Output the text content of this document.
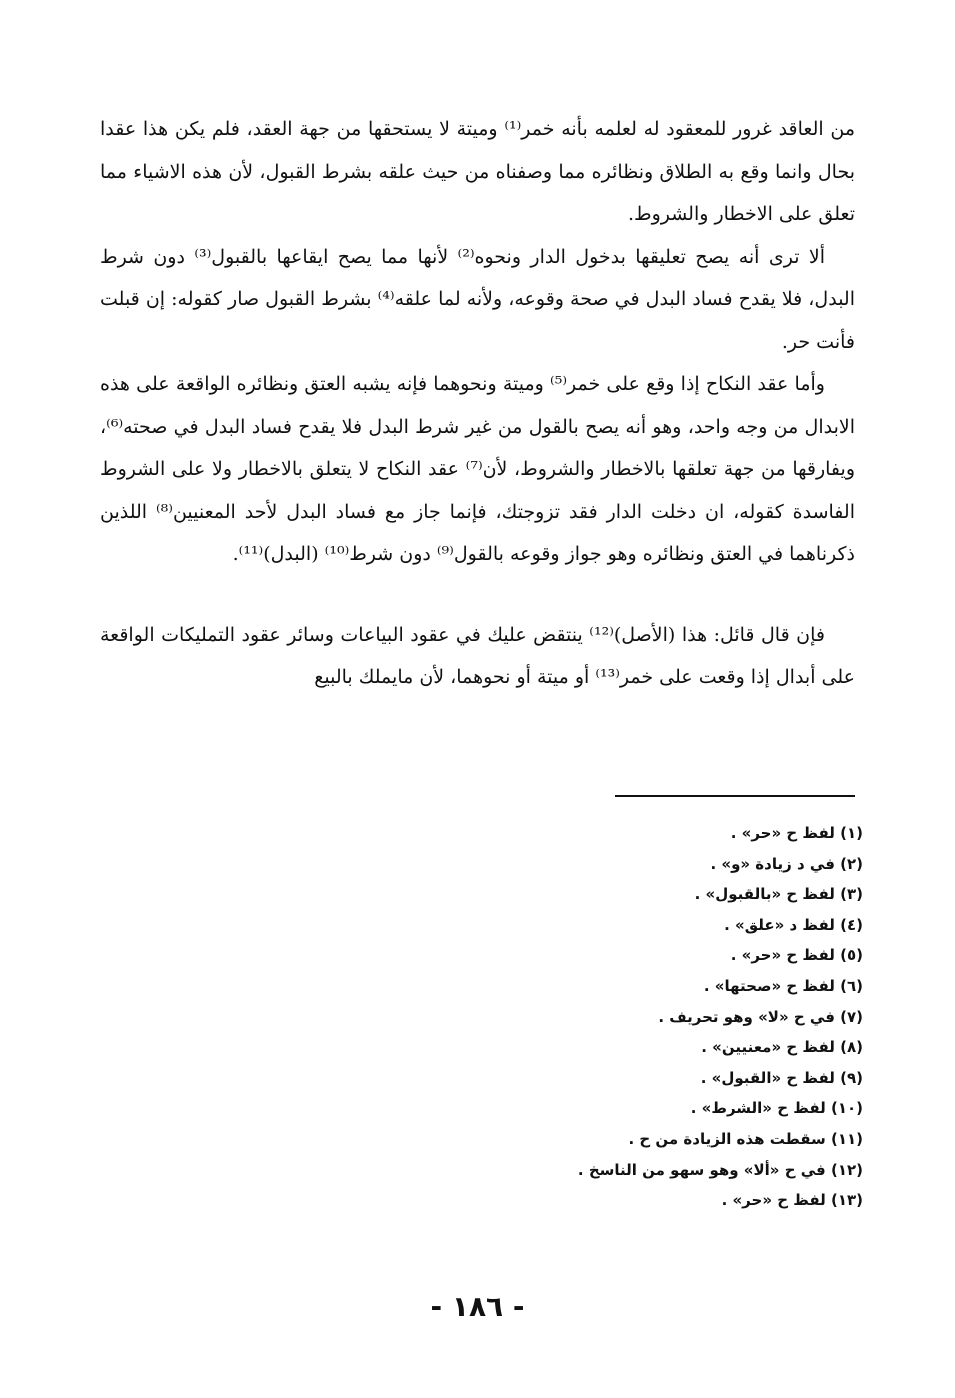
من العاقد غرور للمعقود له لعلمه بأنه خمر⁽¹⁾ وميتة لا يستحقها من جهة العقد، فلم يكن هذا عقدا بحال وانما وقع به الطلاق ونظائره مما وصفناه من حيث علقه بشرط القبول، لأن هذه الاشياء مما تعلق على الاخطار والشروط.

ألا ترى أنه يصح تعليقها بدخول الدار ونحوه⁽²⁾ لأنها مما يصح ايقاعها بالقبول⁽³⁾ دون شرط البدل، فلا يقدح فساد البدل في صحة وقوعه، ولأنه لما علقه⁽⁴⁾ بشرط القبول صار كقوله: إن قبلت فأنت حر.

وأما عقد النكاح إذا وقع على خمر⁽⁵⁾ وميتة ونحوهما فإنه يشبه العتق ونظائره الواقعة على هذه الابدال من وجه واحد، وهو أنه يصح بالقول من غير شرط البدل فلا يقدح فساد البدل في صحته⁽⁶⁾، ويفارقها من جهة تعلقها بالاخطار والشروط، لأن⁽⁷⁾ عقد النكاح لا يتعلق بالاخطار ولا على الشروط الفاسدة كقوله، ان دخلت الدار فقد تزوجتك، فإنما جاز مع فساد البدل لأحد المعنيين⁽⁸⁾ اللذين ذكرناهما في العتق ونظائره وهو جواز وقوعه بالقول⁽⁹⁾ دون شرط⁽¹⁰⁾ (البدل)⁽¹¹⁾.

فإن قال قائل: هذا (الأصل)⁽¹²⁾ ينتقض عليك في عقود البياعات وسائر عقود التمليكات الواقعة على أبدال إذا وقعت على خمر⁽¹³⁾ أو ميتة أو نحوهما، لأن مايملك بالبيع

(١) لفظ ح «حر» .
(٢) في د زيادة «و» .
(٣) لفظ ح «بالقبول» .
(٤) لفظ د «علق» .
(٥) لفظ ح «حر» .
(٦) لفظ ح «صحتها» .
(٧) في ح «لا» وهو تحريف .
(٨) لفظ ح «معنيين» .
(٩) لفظ ح «القبول» .
(١٠) لفظ ح «الشرط» .
(١١) سقطت هذه الزيادة من ح .
(١٢) في ح «ألا» وهو سهو من الناسخ .
(١٣) لفظ ح «حر» .
- ١٨٦ -
